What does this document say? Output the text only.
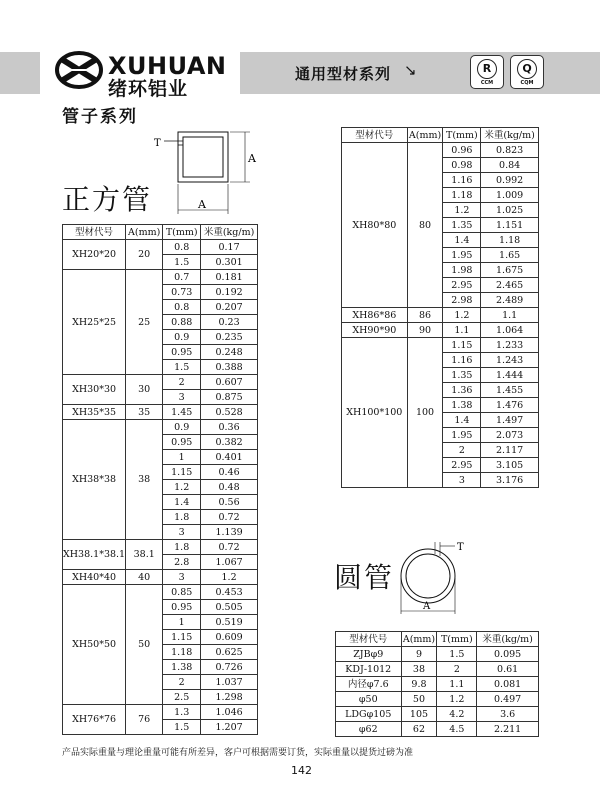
XUHUAN
绪环铝业
通用型材系列 ↘	R
CCM
Q
CQM
管子系列
T
A
A
正方管
型材代号	A(mm)	T(mm)	米重(kg/m)
XH20*20	20	0.8	0.17
		1.5	0.301
XH25*25	25	0.7	0.181
		0.73	0.192
		0.8	0.207
		0.88	0.23
		0.9	0.235
		0.95	0.248
		1.5	0.388
XH30*30	30	2	0.607
		3	0.875
XH35*35	35	1.45	0.528
XH38*38	38	0.9	0.36
		0.95	0.382
		1	0.401
		1.15	0.46
		1.2	0.48
		1.4	0.56
		1.8	0.72
		3	1.139
XH38.1*38.1	38.1	1.8	0.72
		2.8	1.067
XH40*40	40	3	1.2
XH50*50	50	0.85	0.453
		0.95	0.505
		1	0.519
		1.15	0.609
		1.18	0.625
		1.38	0.726
		2	1.037
		2.5	1.298
XH76*76	76	1.3	1.046
		1.5	1.207
型材代号	A(mm)	T(mm)	米重(kg/m)
XH80*80	80	0.96	0.823
		0.98	0.84
		1.16	0.992
		1.18	1.009
		1.2	1.025
		1.35	1.151
		1.4	1.18
		1.95	1.65
		1.98	1.675
		2.95	2.465
		2.98	2.489
XH86*86	86	1.2	1.1
XH90*90	90	1.1	1.064
XH100*100	100	1.15	1.233
		1.16	1.243
		1.35	1.444
		1.36	1.455
		1.38	1.476
		1.4	1.497
		1.95	2.073
		2	2.117
		2.95	3.105
		3	3.176
圆管
T
A
型材代号	A(mm)	T(mm)	米重(kg/m)
ZJBφ9	9	1.5	0.095
KDJ-1012	38	2	0.61
内径φ7.6	9.8	1.1	0.081
φ50	50	1.2	0.497
LDGφ105	105	4.2	3.6
φ62	62	4.5	2.211
产品实际重量与理论重量可能有所差异，客户可根据需要订货，实际重量以提货过磅为准
142
